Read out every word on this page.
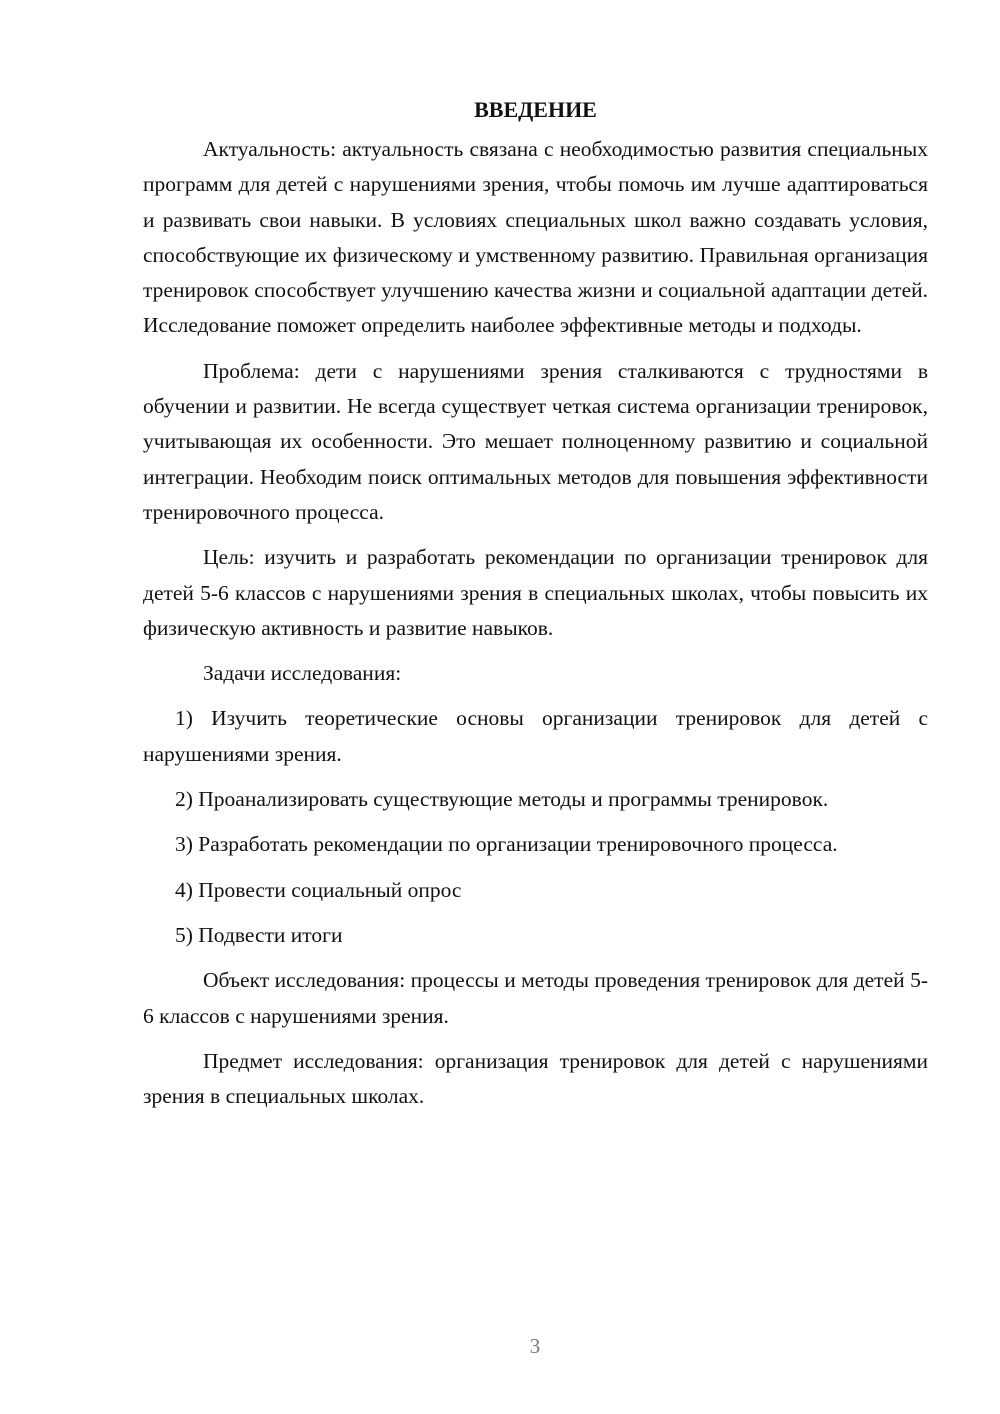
ВВЕДЕНИЕ

Актуальность: актуальность связана с необходимостью развития специальных программ для детей с нарушениями зрения, чтобы помочь им лучше адаптироваться и развивать свои навыки. В условиях специальных школ важно создавать условия, способствующие их физическому и умственному развитию. Правильная организация тренировок способствует улучшению качества жизни и социальной адаптации детей. Исследование поможет определить наиболее эффективные методы и подходы.

Проблема: дети с нарушениями зрения сталкиваются с трудностями в обучении и развитии. Не всегда существует четкая система организации тренировок, учитывающая их особенности. Это мешает полноценному развитию и социальной интеграции. Необходим поиск оптимальных методов для повышения эффективности тренировочного процесса.

Цель: изучить и разработать рекомендации по организации тренировок для детей 5-6 классов с нарушениями зрения в специальных школах, чтобы повысить их физическую активность и развитие навыков.

Задачи исследования:

1) Изучить теоретические основы организации тренировок для детей с нарушениями зрения.

2) Проанализировать существующие методы и программы тренировок.

3) Разработать рекомендации по организации тренировочного процесса.

4) Провести социальный опрос

5) Подвести итоги

Объект исследования: процессы и методы проведения тренировок для детей 5-6 классов с нарушениями зрения.

Предмет исследования: организация тренировок для детей с нарушениями зрения в специальных школах.

3
